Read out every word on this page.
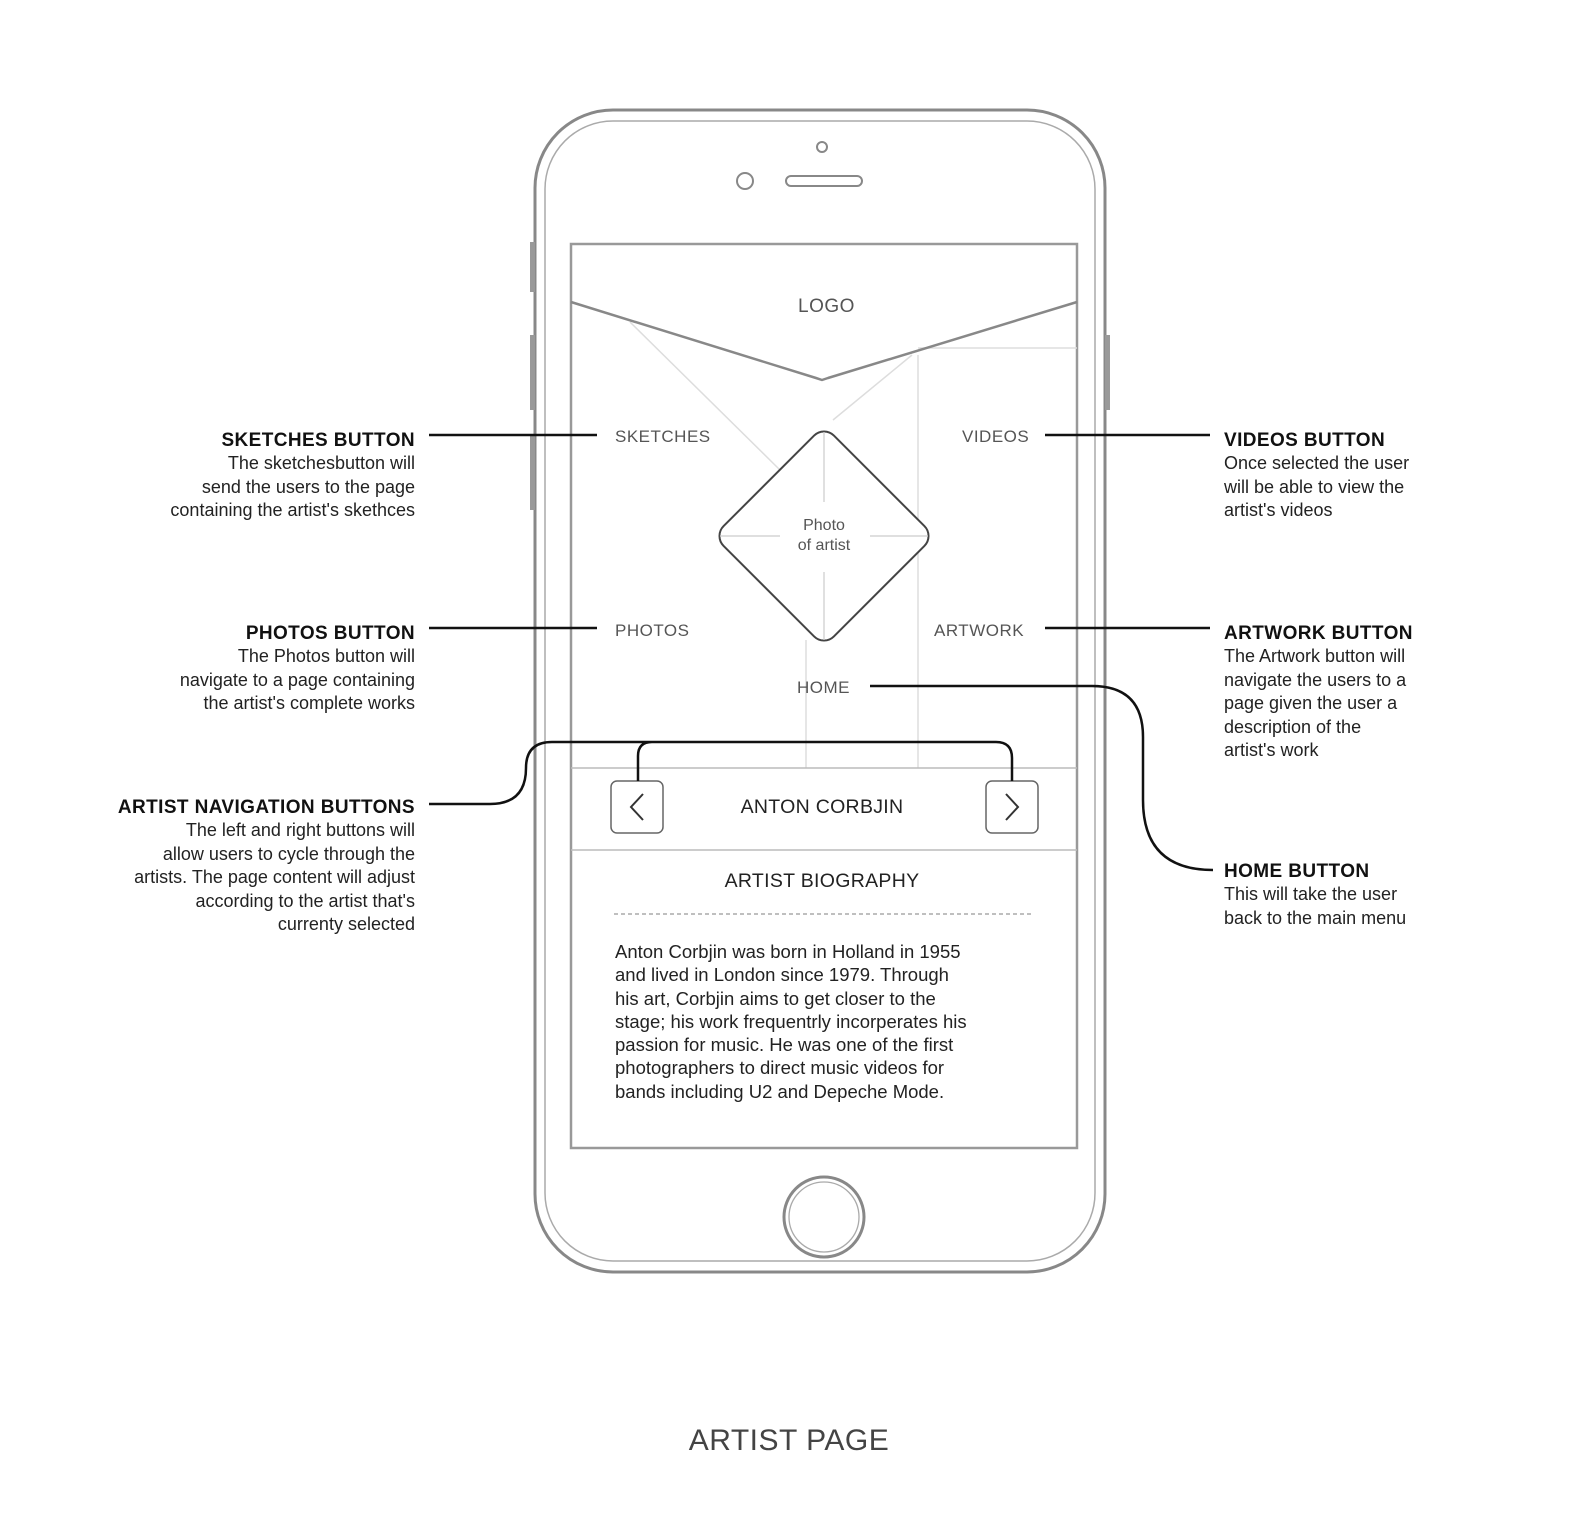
LOGO
SKETCHES	VIDEOS
PHOTOS	ARTWORK
HOME
Photo
of artist
ANTON CORBJIN
ARTIST BIOGRAPHY
Anton Corbjin was born in Holland in 1955
and lived in London since 1979. Through
his art, Corbjin aims to get closer to the
stage; his work frequentrly incorperates his
passion for music. He was one of the first
photographers to direct music videos for
bands including U2 and Depeche Mode.
SKETCHES BUTTON
The sketchesbutton will
send the users to the page
containing the artist's skethces
PHOTOS BUTTON
The Photos button will
navigate to a page containing
the artist's complete works
ARTIST NAVIGATION BUTTONS
The left and right buttons will
allow users to cycle through the
artists. The page content will adjust
according to the artist that's
currenty selected
VIDEOS BUTTON
Once selected the user
will be able to view the
artist's videos
ARTWORK BUTTON
The Artwork button will
navigate the users to a
page given the user a
description of the
artist's work
HOME BUTTON
This will take the user
back to the main menu
ARTIST PAGE
